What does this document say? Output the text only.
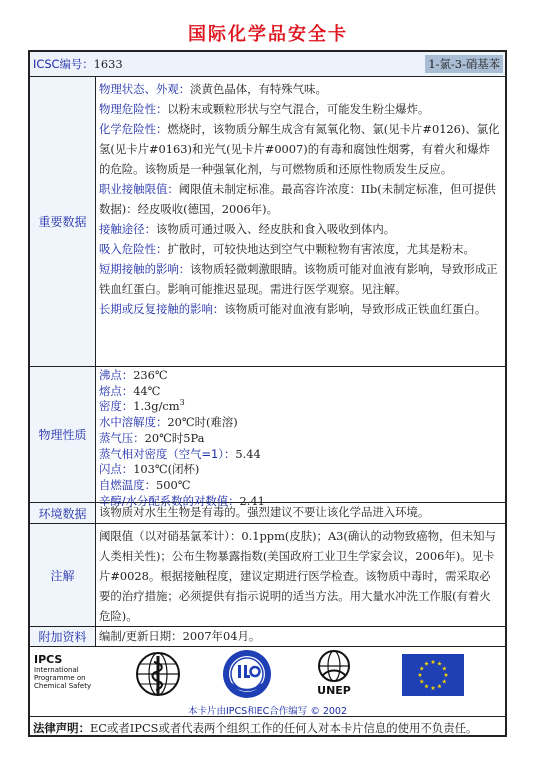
国际化学品安全卡
ICSC编号：1633	1-氯-3-硝基苯
重要数据
物理状态、外观：淡黄色晶体，有特殊气味。
物理危险性：以粉末或颗粒形状与空气混合，可能发生粉尘爆炸。
化学危险性：燃烧时，该物质分解生成含有氮氧化物、氯(见卡片#0126)、氯化氢(见卡片#0163)和光气(见卡片#0007)的有毒和腐蚀性烟雾，有着火和爆炸的危险。该物质是一种强氧化剂，与可燃物质和还原性物质发生反应。
职业接触限值：阈限值未制定标准。最高容许浓度：IIb(未制定标准，但可提供数据)：经皮吸收(德国，2006年)。
接触途径：该物质可通过吸入、经皮肤和食入吸收到体内。
吸入危险性：扩散时，可较快地达到空气中颗粒物有害浓度，尤其是粉末。
短期接触的影响：该物质轻微刺激眼睛。该物质可能对血液有影响，导致形成正铁血红蛋白。影响可能推迟显现。需进行医学观察。见注解。
长期或反复接触的影响：该物质可能对血液有影响，导致形成正铁血红蛋白。
物理性质
沸点：236℃
熔点：44℃
密度：$1.3g/cm^3$
水中溶解度：20℃时(难溶)
蒸气压：20℃时5Pa
蒸气相对密度（空气=1）：5.44
闪点：103℃(闭杯)
自燃温度：500℃
辛醇/水分配系数的对数值：2.41
环境数据	该物质对水生生物是有毒的。强烈建议不要让该化学品进入环境。
注解
阈限值（以对硝基氯苯计）：0.1ppm(皮肤)；A3(确认的动物致癌物，但未知与人类相关性)；公布生物暴露指数(美国政府工业卫生学家会议，2006年)。见卡片#0028。根据接触程度，建议定期进行医学检查。该物质中毒时，需采取必要的治疗措施；必须提供有指示说明的适当方法。用大量水冲洗工作服(有着火危险)。
附加资料	编制/更新日期：2007年04月。
IPCS
International
Programme on
Chemical Safety	UNEP
本卡片由IPCS和EC合作编写 © 2002
法律声明：EC或者IPCS或者代表两个组织工作的任何人对本卡片信息的使用不负责任。
